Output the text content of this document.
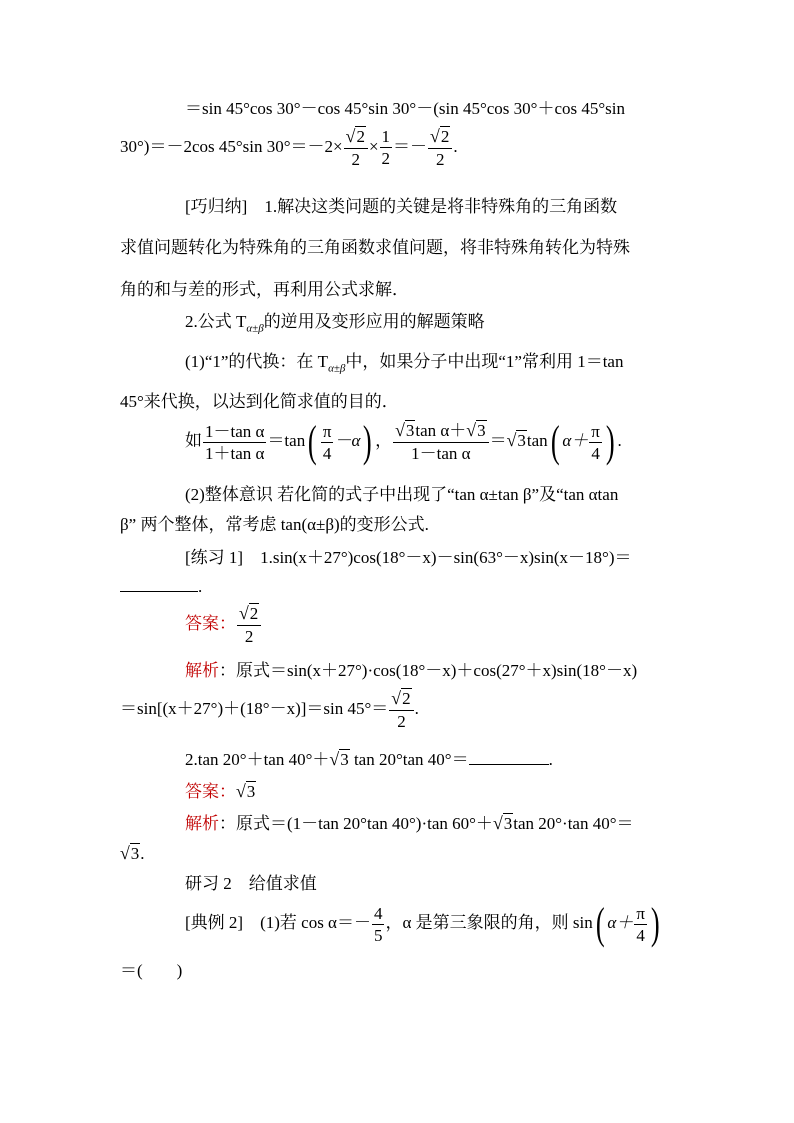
＝sin 45°cos 30°－cos 45°sin 30°－(sin 45°cos 30°＋cos 45°sin
30°)＝－2cos 45°sin $30^\circ=-2\times \frac{√2}{2} \times \frac{1}{2} =- \frac{√2}{2}$ .
[巧归纳]　1.解决这类问题的关键是将非特殊角的三角函数
求值问题转化为特殊角的三角函数求值问题，将非特殊角转化为特殊
角的和与差的形式，再利用公式求解．
2.公式 $T_{\alpha\pm\beta}$的逆用及变形应用的解题策略
(1)“1”的代换：在 $T_{\alpha\pm\beta}$中，如果分子中出现“1”常利用 1＝tan
45°来代换，以达到化简求值的目的．
如 $\frac{\text{1－tan α}}{\text{1＋tan α}} =\tan( \frac{\pi}{4} -\alpha)$ ， $\frac{\text{√3tan α＋√3}}{\text{1－tan α}} =√3\tan$( $\alpha+ \frac{\pi}{4}$ ) .
(2)整体意识 若化简的式子中出现了“tan α±tan β”及“tan αtan
β” 两个整体，常考虑 tan(α±β)的变形公式.
[练习 1]　1.sin(x＋27°)cos(18°－x)－sin(63°－x)sin(x－18°)＝
.
答案： $\frac{√2}{2}$
解析：原式＝sin(x＋27°)·cos(18°－x)＋cos(27°＋x)sin(18°－x)
＝sin[(x＋27°)＋(18°－x)]＝sin $45^\circ= \frac{√2}{2}$ .
2.tan 20°＋tan 40°＋√3 tan 20°tan 40°＝	.
答案：√3
解析：原式＝(1－tan 20°tan 40°)·tan 60°＋√3tan 20°·tan 40°＝
√3.
研习 2　给值求值
[典例 2]　(1)若 $\cos \alpha=- \frac{4}{5}$ ，α 是第三象限的角，则 sin( $\alpha+ \frac{\pi}{4}$ )
＝(　　)
